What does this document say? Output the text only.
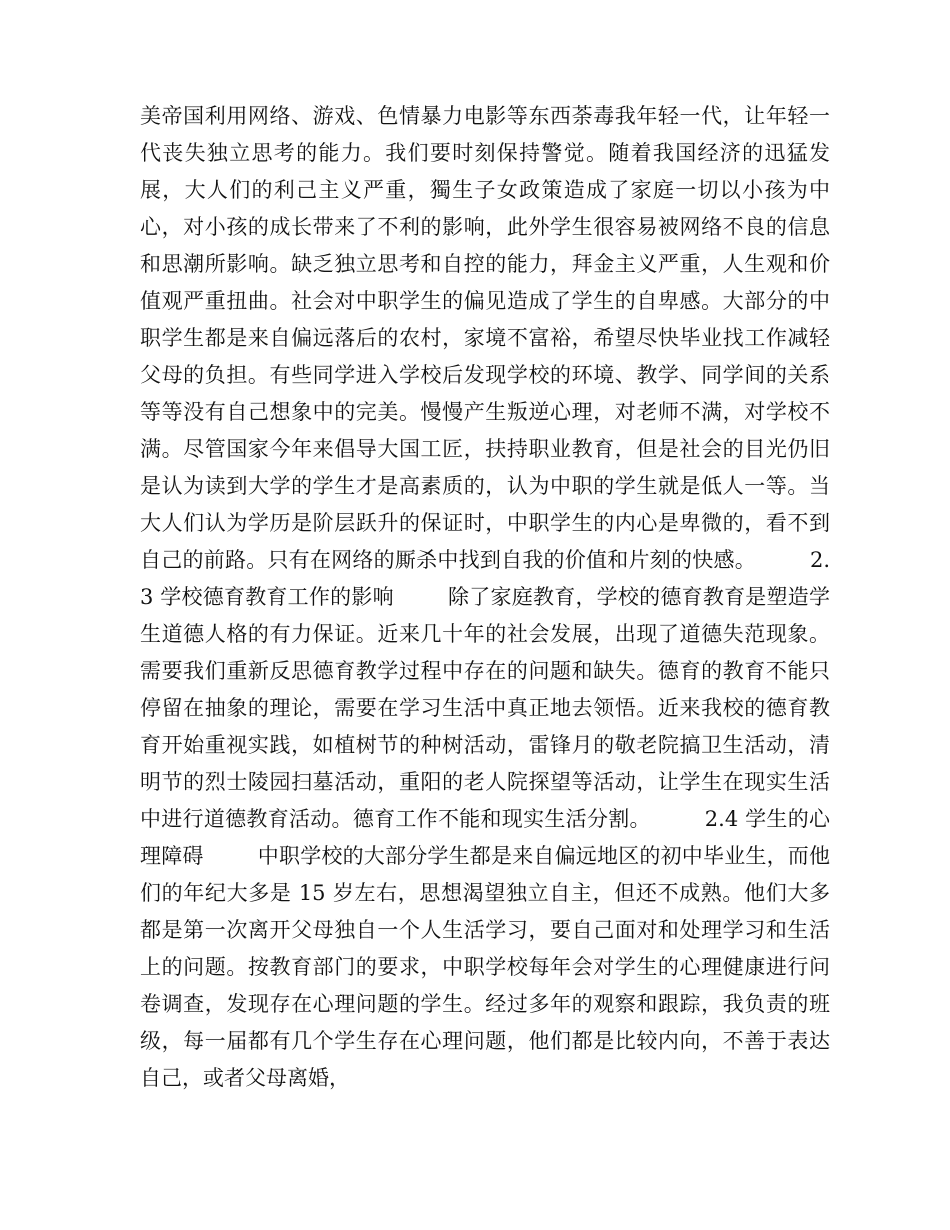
美帝国利用网络、游戏、色情暴力电影等东西荼毒我年轻一代，让年轻一代丧失独立思考的能力。我们要时刻保持警觉。随着我国经济的迅猛发展，大人们的利己主义严重，獨生子女政策造成了家庭一切以小孩为中心，对小孩的成长带来了不利的影响，此外学生很容易被网络不良的信息和思潮所影响。缺乏独立思考和自控的能力，拜金主义严重，人生观和价值观严重扭曲。社会对中职学生的偏见造成了学生的自卑感。大部分的中职学生都是来自偏远落后的农村，家境不富裕，希望尽快毕业找工作减轻父母的负担。有些同学进入学校后发现学校的环境、教学、同学间的关系等等没有自己想象中的完美。慢慢产生叛逆心理，对老师不满，对学校不满。尽管国家今年来倡导大国工匠，扶持职业教育，但是社会的目光仍旧是认为读到大学的学生才是高素质的，认为中职的学生就是低人一等。当大人们认为学历是阶层跃升的保证时，中职学生的内心是卑微的，看不到自己的前路。只有在网络的厮杀中找到自我的价值和片刻的快感。	2.3 学校德育教育工作的影响	除了家庭教育，学校的德育教育是塑造学生道德人格的有力保证。近来几十年的社会发展，出现了道德失范现象。需要我们重新反思德育教学过程中存在的问题和缺失。德育的教育不能只停留在抽象的理论，需要在学习生活中真正地去领悟。近来我校的德育教育开始重视实践，如植树节的种树活动，雷锋月的敬老院搞卫生活动，清明节的烈士陵园扫墓活动，重阳的老人院探望等活动，让学生在现实生活中进行道德教育活动。德育工作不能和现实生活分割。	2.4 学生的心理障碍	中职学校的大部分学生都是来自偏远地区的初中毕业生，而他们的年纪大多是 15 岁左右，思想渴望独立自主，但还不成熟。他们大多都是第一次离开父母独自一个人生活学习，要自己面对和处理学习和生活上的问题。按教育部门的要求，中职学校每年会对学生的心理健康进行问卷调查，发现存在心理问题的学生。经过多年的观察和跟踪，我负责的班级，每一届都有几个学生存在心理问题，他们都是比较内向，不善于表达自己，或者父母离婚，
